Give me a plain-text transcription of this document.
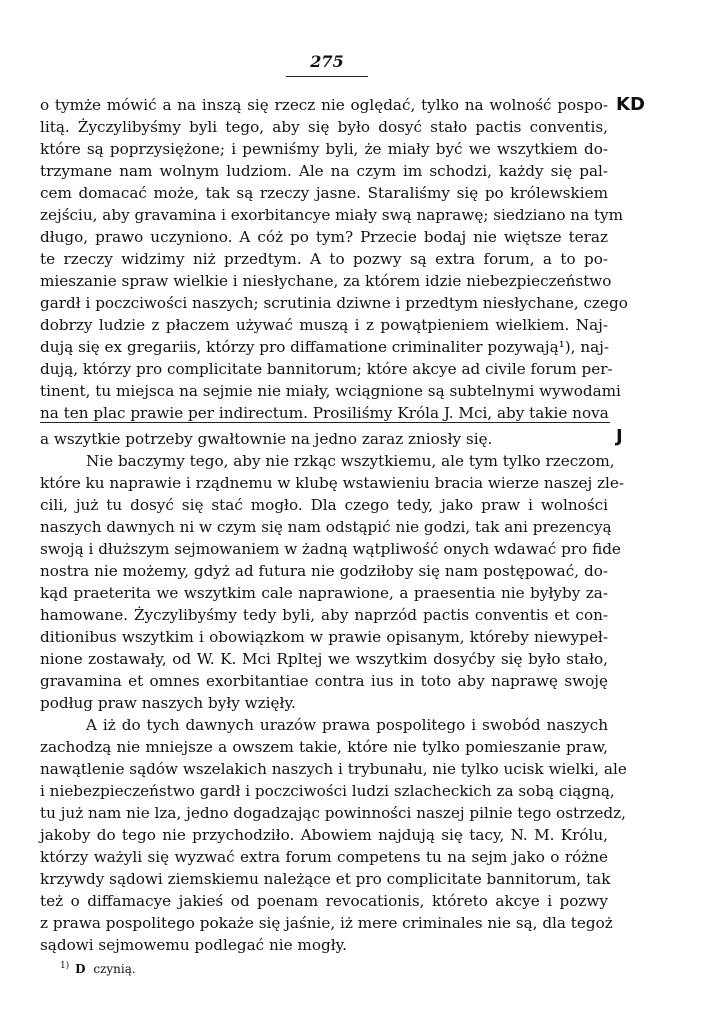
275
KD
J
o tymże mówić a na inszą się rzecz nie oględać, tylko na wolność pospo-
litą. Życzylibyśmy byli tego, aby się było dosyć stało pactis conventis,
które są poprzysiężone; i pewniśmy byli, że miały być we wszytkiem do-
trzymane nam wolnym ludziom. Ale na czym im schodzi, każdy się pal-
cem domacać może, tak są rzeczy jasne. Staraliśmy się po królewskiem
zejściu, aby gravamina i exorbitancye miały swą naprawę; siedziano na tym
długo, prawo uczyniono. A cóż po tym? Przecie bodaj nie więtsze teraz
te rzeczy widzimy niż przedtym. A to pozwy są extra forum, a to po-
mieszanie spraw wielkie i niesłychane, za którem idzie niebezpieczeństwo
gardł i poczciwości naszych; scrutinia dziwne i przedtym niesłychane, czego
dobrzy ludzie z płaczem używać muszą i z powątpieniem wielkiem. Naj-
dują się ex gregariis, którzy pro diffamatione criminaliter pozywają¹), naj-
dują, którzy pro complicitate bannitorum; które akcye ad civile forum per-
tinent, tu miejsca na sejmie nie miały, wciągnione są subtelnymi wywodami
na ten plac prawie per indirectum. Prosiliśmy Króla J. Mci, aby takie nova
a wszytkie potrzeby gwałtownie na jedno zaraz zniosły się.
Nie baczymy tego, aby nie rzkąc wszytkiemu, ale tym tylko rzeczom,
które ku naprawie i rządnemu w klubę wstawieniu bracia wierze naszej zle-
cili, już tu dosyć się stać mogło. Dla czego tedy, jako praw i wolności
naszych dawnych ni w czym się nam odstąpić nie godzi, tak ani prezencyą
swoją i dłuższym sejmowaniem w żadną wątpliwość onych wdawać pro fide
nostra nie możemy, gdyż ad futura nie godziłoby się nam postępować, do-
kąd praeterita we wszytkim cale naprawione, a praesentia nie byłyby za-
hamowane. Życzylibyśmy tedy byli, aby naprzód pactis conventis et con-
ditionibus wszytkim i obowiązkom w prawie opisanym, któreby niewypeł-
nione zostawały, od W. K. Mci Rpltej we wszytkim dosyćby się było stało,
gravamina et omnes exorbitantiae contra ius in toto aby naprawę swoję
podług praw naszych były wzięły.
A iż do tych dawnych urazów prawa pospolitego i swobód naszych
zachodzą nie mniejsze a owszem takie, które nie tylko pomieszanie praw,
nawątlenie sądów wszelakich naszych i trybunału, nie tylko ucisk wielki, ale
i niebezpieczeństwo gardł i poczciwości ludzi szlacheckich za sobą ciągną,
tu już nam nie lza, jedno dogadzając powinności naszej pilnie tego ostrzedz,
jakoby do tego nie przychodziło. Abowiem najdują się tacy, N. M. Królu,
którzy ważyli się wyzwać extra forum competens tu na sejm jako o różne
krzywdy sądowi ziemskiemu należące et pro complicitate bannitorum, tak
też o diffamacye jakieś od poenam revocationis, któreto akcye i pozwy
z prawa pospolitego pokaże się jaśnie, iż mere criminales nie są, dla tegoż
sądowi sejmowemu podlegać nie mogły.
$^{1)}$ D czynią.
